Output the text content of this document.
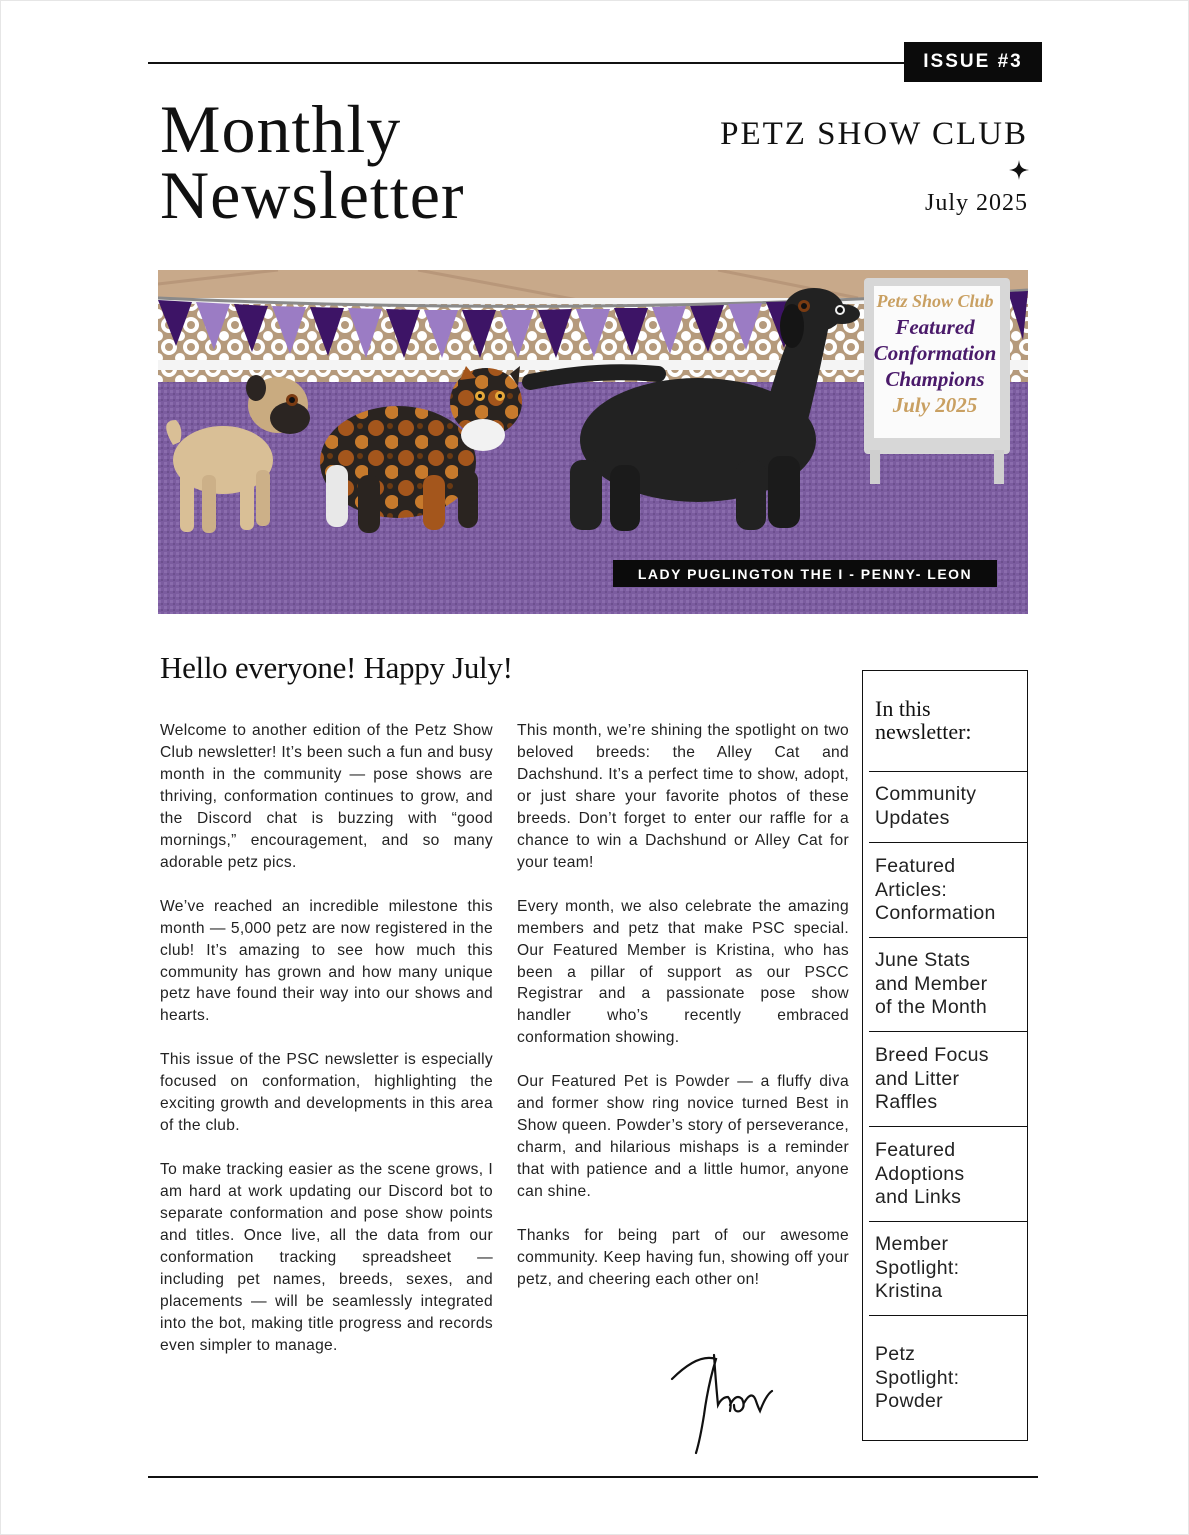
ISSUE #3
Monthly
Newsletter
PETZ SHOW CLUB
July 2025
Petz Show Club
Featured
Conformation
Champions
July 2025
LADY PUGLINGTON THE I - PENNY- LEON
Hello everyone! Happy July!

Welcome to another edition of the Petz Show Club newsletter! It’s been such a fun and busy month in the community — pose shows are thriving, conformation continues to grow, and the Discord chat is buzzing with “good mornings,” encouragement, and so many adorable petz pics.

We’ve reached an incredible milestone this month — 5,000 petz are now registered in the club! It’s amazing to see how much this community has grown and how many unique petz have found their way into our shows and hearts.

This issue of the PSC newsletter is especially focused on conformation, highlighting the exciting growth and developments in this area of the club.

To make tracking easier as the scene grows, I am hard at work updating our Discord bot to separate conformation and pose show points and titles. Once live, all the data from our conformation tracking spreadsheet — including pet names, breeds, sexes, and placements — will be seamlessly integrated into the bot, making title progress and records even simpler to manage.

This month, we’re shining the spotlight on two beloved breeds: the Alley Cat and Dachshund. It’s a perfect time to show, adopt, or just share your favorite photos of these breeds. Don’t forget to enter our raffle for a chance to win a Dachshund or Alley Cat for your team!

Every month, we also celebrate the amazing members and petz that make PSC special. Our Featured Member is Kristina, who has been a pillar of support as our PSCC Registrar and a passionate pose show handler who’s recently embraced conformation showing.

Our Featured Pet is Powder — a fluffy diva and former show ring novice turned Best in Show queen. Powder’s story of perseverance, charm, and hilarious mishaps is a reminder that with patience and a little humor, anyone can shine.

Thanks for being part of our awesome community. Keep having fun, showing off your petz, and cheering each other on!

In this
newsletter:
Community
Updates
Featured
Articles:
Conformation
June Stats
and Member
of the Month
Breed Focus
and Litter
Raffles
Featured
Adoptions
and Links
Member
Spotlight:
Kristina
Petz
Spotlight:
Powder
